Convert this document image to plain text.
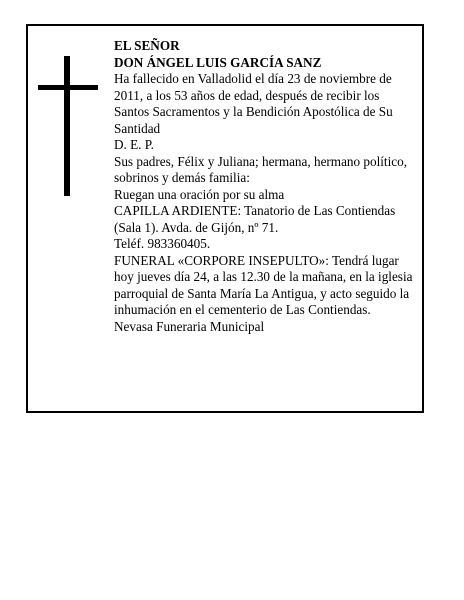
EL SEÑOR

DON ÁNGEL LUIS GARCÍA SANZ

Ha fallecido en Valladolid el día 23 de noviembre de 2011, a los 53 años de edad, después de recibir los Santos Sacramentos y la Bendición Apostólica de Su Santidad

D. E. P.

Sus padres, Félix y Juliana; hermana, hermano político, sobrinos y demás familia:

Ruegan una oración por su alma

CAPILLA ARDIENTE: Tanatorio de Las Contiendas (Sala 1). Avda. de Gijón, nº 71.

Teléf. 983360405.

FUNERAL «CORPORE INSEPULTO»: Tendrá lugar hoy jueves día 24, a las 12.30 de la mañana, en la iglesia parroquial de Santa María La Antigua, y acto seguido la inhumación en el cementerio de Las Contiendas.

Nevasa Funeraria Municipal
